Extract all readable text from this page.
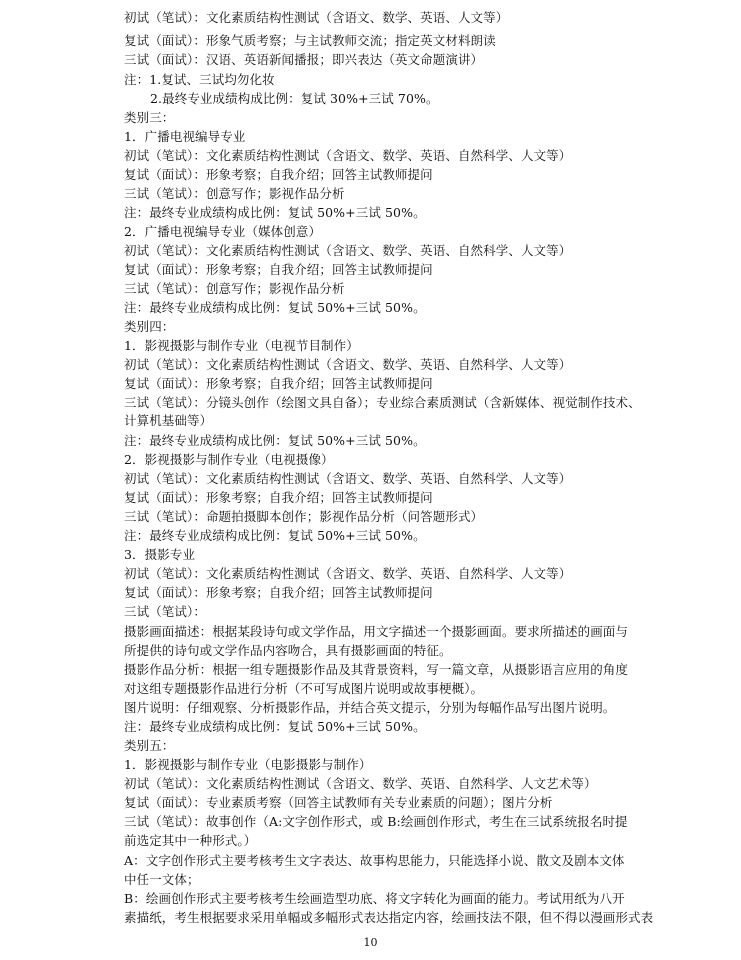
初试（笔试）：文化素质结构性测试（含语文、数学、英语、人文等）
复试（面试）：形象气质考察；与主试教师交流；指定英文材料朗读
三试（面试）：汉语、英语新闻播报；即兴表达（英文命题演讲）
注：1.复试、三试均勿化妆
2.最终专业成绩构成比例：复试 30%+三试 70%。
类别三：
1．广播电视编导专业
初试（笔试）：文化素质结构性测试（含语文、数学、英语、自然科学、人文等）
复试（面试）：形象考察；自我介绍；回答主试教师提问
三试（笔试）：创意写作；影视作品分析
注：最终专业成绩构成比例：复试 50%+三试 50%。
2．广播电视编导专业（媒体创意）
初试（笔试）：文化素质结构性测试（含语文、数学、英语、自然科学、人文等）
复试（面试）：形象考察；自我介绍；回答主试教师提问
三试（笔试）：创意写作；影视作品分析
注：最终专业成绩构成比例：复试 50%+三试 50%。
类别四：
1．影视摄影与制作专业（电视节目制作）
初试（笔试）：文化素质结构性测试（含语文、数学、英语、自然科学、人文等）
复试（面试）：形象考察；自我介绍；回答主试教师提问
三试（笔试）：分镜头创作（绘图文具自备）；专业综合素质测试（含新媒体、视觉制作技术、
计算机基础等）
注：最终专业成绩构成比例：复试 50%+三试 50%。
2．影视摄影与制作专业（电视摄像）
初试（笔试）：文化素质结构性测试（含语文、数学、英语、自然科学、人文等）
复试（面试）：形象考察；自我介绍；回答主试教师提问
三试（笔试）：命题拍摄脚本创作；影视作品分析（问答题形式）
注：最终专业成绩构成比例：复试 50%+三试 50%。
3．摄影专业
初试（笔试）：文化素质结构性测试（含语文、数学、英语、自然科学、人文等）
复试（面试）：形象考察；自我介绍；回答主试教师提问
三试（笔试）：
摄影画面描述：根据某段诗句或文学作品，用文字描述一个摄影画面。要求所描述的画面与
所提供的诗句或文学作品内容吻合，具有摄影画面的特征。
摄影作品分析：根据一组专题摄影作品及其背景资料，写一篇文章，从摄影语言应用的角度
对这组专题摄影作品进行分析（不可写成图片说明或故事梗概）。
图片说明：仔细观察、分析摄影作品，并结合英文提示，分别为每幅作品写出图片说明。
注：最终专业成绩构成比例：复试 50%+三试 50%。
类别五：
1．影视摄影与制作专业（电影摄影与制作）
初试（笔试）：文化素质结构性测试（含语文、数学、英语、自然科学、人文艺术等）
复试（面试）：专业素质考察（回答主试教师有关专业素质的问题）；图片分析
三试（笔试）：故事创作（A:文字创作形式，或 B:绘画创作形式，考生在三试系统报名时提
前选定其中一种形式。）
A：文字创作形式主要考核考生文字表达、故事构思能力，只能选择小说、散文及剧本文体
中任一文体；
B：绘画创作形式主要考核考生绘画造型功底、将文字转化为画面的能力。考试用纸为八开
素描纸，考生根据要求采用单幅或多幅形式表达指定内容，绘画技法不限，但不得以漫画形式表
10
